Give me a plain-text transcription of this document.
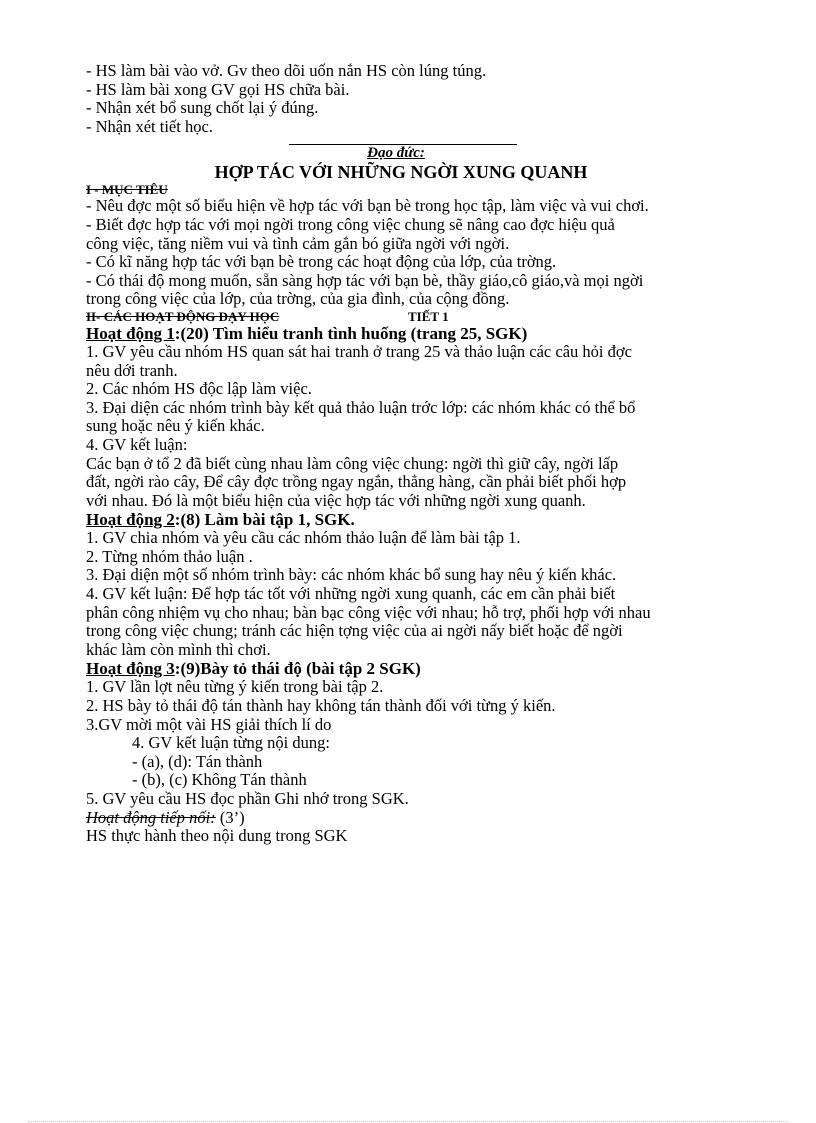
- HS làm bài vào vở. Gv theo dõi uốn nắn HS còn lúng túng.
- HS làm bài xong GV gọi HS chữa bài.
- Nhận xét bổ sung chốt lại ý đúng.
- Nhận xét tiết học.
Đạo đức:
HỢP TÁC VỚI NHỮNG NGỜI XUNG QUANH
I - MỤC TIÊU
- Nêu đợc một số biểu hiện về hợp tác với bạn bè trong học tập, làm việc và vui chơi.
- Biết đợc hợp tác với mọi ngời trong công việc chung sẽ nâng cao đợc hiệu quả
công việc, tăng niềm vui và tình cảm gắn bó giữa ngời với ngời.
- Có kĩ năng hợp tác với bạn bè trong các hoạt động của lớp, của trờng.
- Có thái độ mong muốn, sẵn sàng hợp tác với bạn bè, thầy giáo,cô giáo,và mọi ngời
trong công việc của lớp, của trờng, của gia đình, của cộng đồng.
II- CÁC HOẠT ĐỘNG DẠY HỌC	TIẾT 1
Hoạt động 1:(20) Tìm hiểu tranh tình huống (trang 25, SGK)
1. GV yêu cầu nhóm HS quan sát hai tranh ở trang 25 và thảo luận các câu hỏi đợc
nêu dới tranh.
2. Các nhóm HS độc lập làm việc.
3. Đại diện các nhóm trình bày kết quả thảo luận trớc lớp: các nhóm khác có thể bổ
sung hoặc nêu ý kiến khác.
4. GV kết luận:
Các bạn ở tổ 2 đã biết cùng nhau làm công việc chung: ngời thì giữ cây, ngời lấp
đất, ngời rào cây, Để cây đợc trồng ngay ngắn, thẳng hàng, cần phải biết phối hợp
với nhau. Đó là một biểu hiện của việc hợp tác với những ngời xung quanh.
Hoạt động 2:(8) Làm bài tập 1, SGK.
1. GV chia nhóm và yêu cầu các nhóm thảo luận để làm bài tập 1.
2. Từng nhóm thảo luận .
3. Đại diện một số nhóm trình bày: các nhóm khác bổ sung hay nêu ý kiến khác.
4. GV kết luận: Để hợp tác tốt với những ngời xung quanh, các em cần phải biết
phân công nhiệm vụ cho nhau; bàn bạc công việc với nhau; hỗ trợ, phối hợp với nhau
trong công việc chung; tránh các hiện tợng việc của ai ngời nấy biết hoặc để ngời
khác làm còn mình thì chơi.
Hoạt động 3:(9)Bày tỏ thái độ (bài tập 2 SGK)
1. GV lần lợt nêu từng ý kiến trong bài tập 2.
2. HS bày tỏ thái độ tán thành hay không tán thành đối với từng ý kiến.
3.GV mời một vài HS giải thích lí do
4. GV kết luận từng nội dung:
- (a), (d): Tán thành
- (b), (c) Không Tán thành
5. GV yêu cầu HS đọc phần Ghi nhớ trong SGK.
Hoạt động tiếp nối: (3’)
HS thực hành theo nội dung trong SGK
